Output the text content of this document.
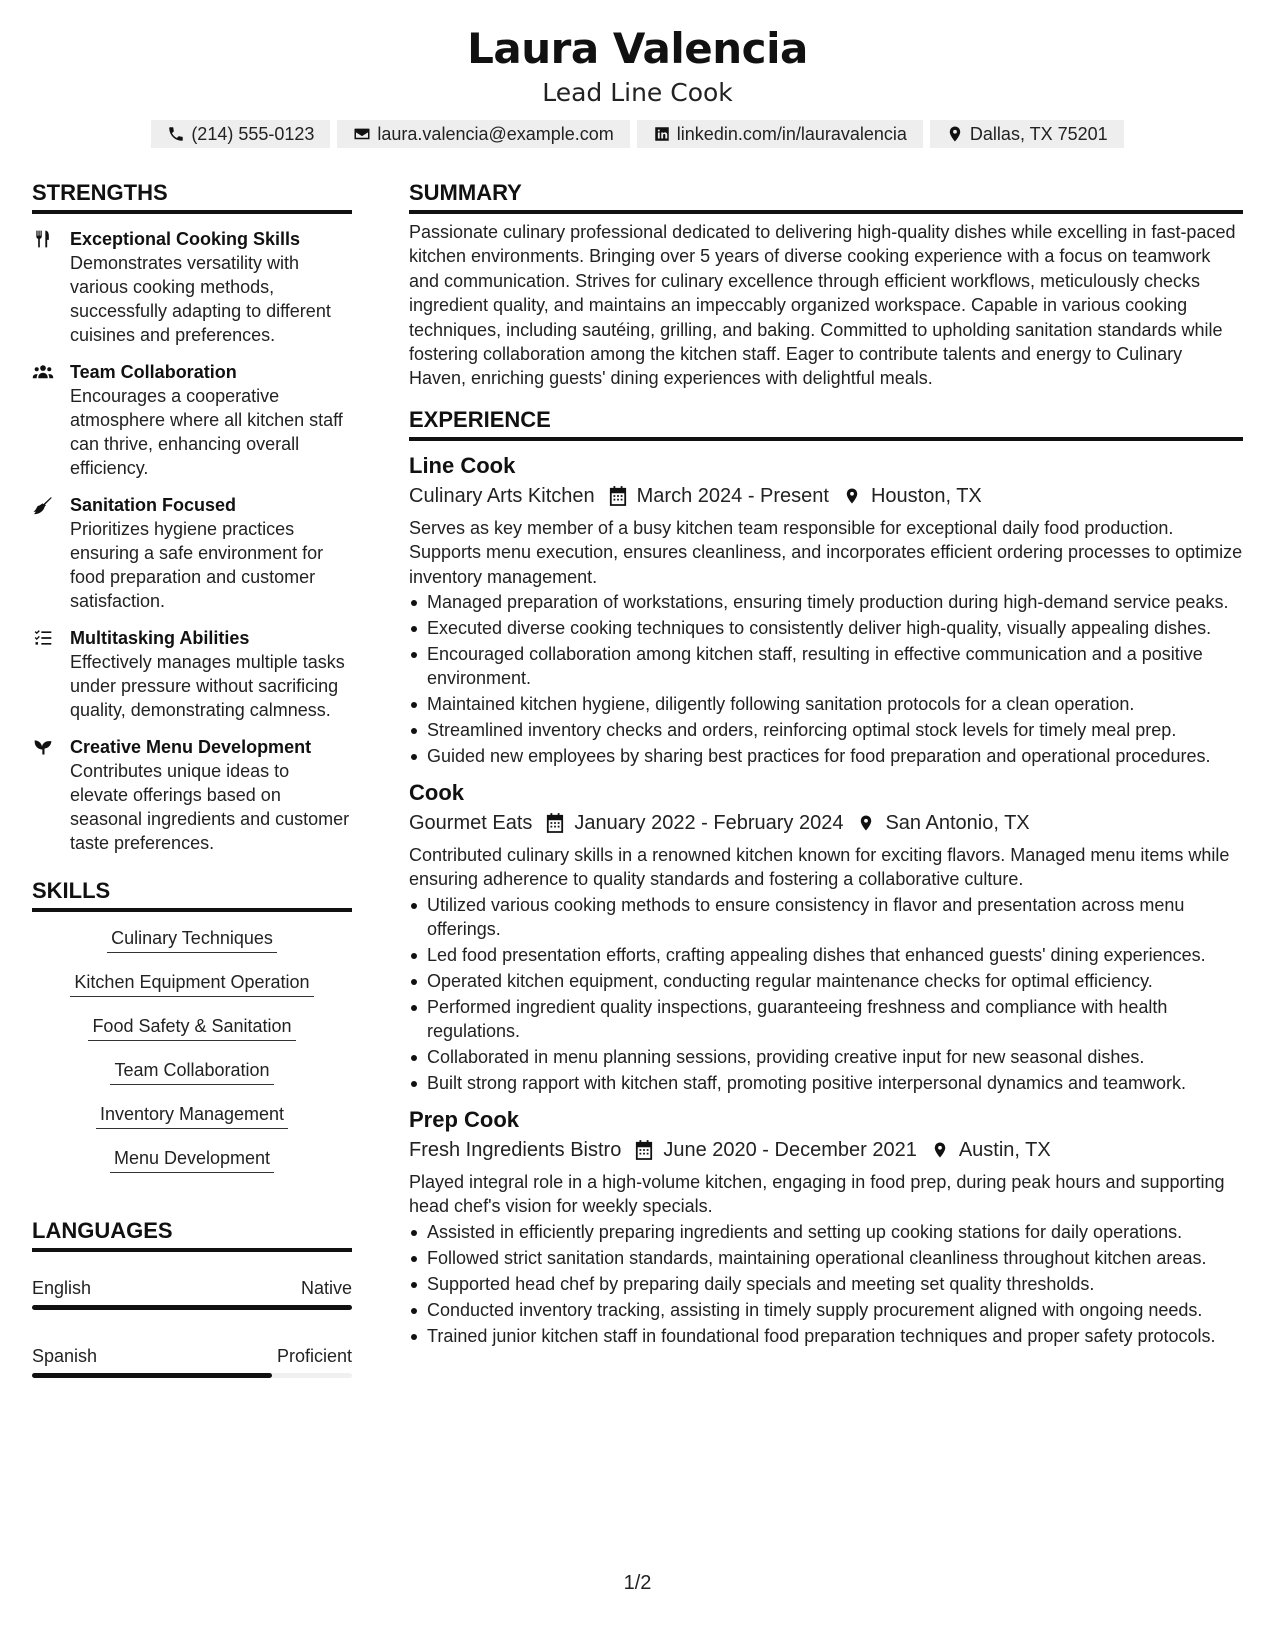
Laura Valencia
Lead Line Cook
(214) 555-0123	laura.valencia@example.com	linkedin.com/in/lauravalencia	Dallas, TX 75201
STRENGTHS
Exceptional Cooking Skills
Demonstrates versatility with various cooking methods, successfully adapting to different cuisines and preferences.
Team Collaboration
Encourages a cooperative atmosphere where all kitchen staff can thrive, enhancing overall efficiency.
Sanitation Focused
Prioritizes hygiene practices ensuring a safe environment for food preparation and customer satisfaction.
Multitasking Abilities
Effectively manages multiple tasks under pressure without sacrificing quality, demonstrating calmness.
Creative Menu Development
Contributes unique ideas to elevate offerings based on seasonal ingredients and customer taste preferences.
SKILLS
Culinary Techniques
Kitchen Equipment Operation
Food Safety & Sanitation
Team Collaboration
Inventory Management
Menu Development
LANGUAGES
English	Native
Spanish	Proficient
SUMMARY
Passionate culinary professional dedicated to delivering high-quality dishes while excelling in fast-paced kitchen environments. Bringing over 5 years of diverse cooking experience with a focus on teamwork and communication. Strives for culinary excellence through efficient workflows, meticulously checks ingredient quality, and maintains an impeccably organized workspace. Capable in various cooking techniques, including sautéing, grilling, and baking. Committed to upholding sanitation standards while fostering collaboration among the kitchen staff. Eager to contribute talents and energy to Culinary Haven, enriching guests' dining experiences with delightful meals.
EXPERIENCE
Line Cook
Culinary Arts Kitchen March 2024 - Present Houston, TX
Serves as key member of a busy kitchen team responsible for exceptional daily food production. Supports menu execution, ensures cleanliness, and incorporates efficient ordering processes to optimize inventory management.
Managed preparation of workstations, ensuring timely production during high-demand service peaks.
Executed diverse cooking techniques to consistently deliver high-quality, visually appealing dishes.
Encouraged collaboration among kitchen staff, resulting in effective communication and a positive environment.
Maintained kitchen hygiene, diligently following sanitation protocols for a clean operation.
Streamlined inventory checks and orders, reinforcing optimal stock levels for timely meal prep.
Guided new employees by sharing best practices for food preparation and operational procedures.
Cook
Gourmet Eats January 2022 - February 2024 San Antonio, TX
Contributed culinary skills in a renowned kitchen known for exciting flavors. Managed menu items while ensuring adherence to quality standards and fostering a collaborative culture.
Utilized various cooking methods to ensure consistency in flavor and presentation across menu offerings.
Led food presentation efforts, crafting appealing dishes that enhanced guests' dining experiences.
Operated kitchen equipment, conducting regular maintenance checks for optimal efficiency.
Performed ingredient quality inspections, guaranteeing freshness and compliance with health regulations.
Collaborated in menu planning sessions, providing creative input for new seasonal dishes.
Built strong rapport with kitchen staff, promoting positive interpersonal dynamics and teamwork.
Prep Cook
Fresh Ingredients Bistro June 2020 - December 2021 Austin, TX
Played integral role in a high-volume kitchen, engaging in food prep, during peak hours and supporting head chef's vision for weekly specials.
Assisted in efficiently preparing ingredients and setting up cooking stations for daily operations.
Followed strict sanitation standards, maintaining operational cleanliness throughout kitchen areas.
Supported head chef by preparing daily specials and meeting set quality thresholds.
Conducted inventory tracking, assisting in timely supply procurement aligned with ongoing needs.
Trained junior kitchen staff in foundational food preparation techniques and proper safety protocols.
1/2
